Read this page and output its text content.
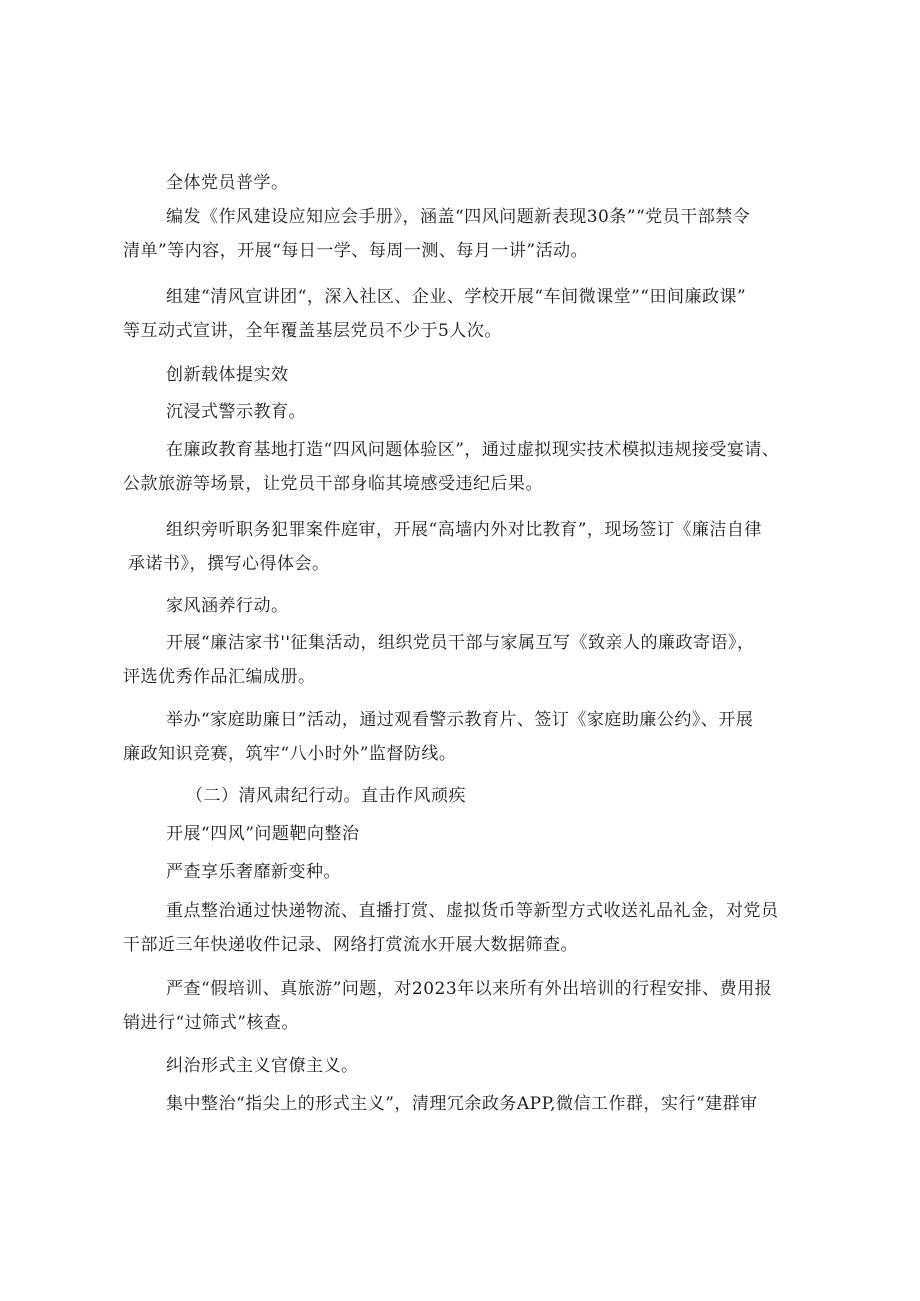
全体党员普学。
编发《作风建设应知应会手册》，涵盖“四风问题新表现30条”“党员干部禁令
清单”等内容，开展“每日一学、每周一测、每月一讲”活动。
组建“清风宣讲团“，深入社区、企业、学校开展“车间微课堂”“田间廉政课”
等互动式宣讲，全年覆盖基层党员不少于5人次。
创新载体提实效
沉浸式警示教育。
在廉政教育基地打造“四风问题体验区”，通过虚拟现实技术模拟违规接受宴请、
公款旅游等场景，让党员干部身临其境感受违纪后果。
组织旁听职务犯罪案件庭审，开展“高墙内外对比教育”，现场签订《廉洁自律
承诺书》，撰写心得体会。
家风涵养行动。
开展“廉洁家书''征集活动，组织党员干部与家属互写《致亲人的廉政寄语》，
评选优秀作品汇编成册。
举办“家庭助廉日”活动，通过观看警示教育片、签订《家庭助廉公约》、开展
廉政知识竞赛，筑牢“八小时外”监督防线。
（二）清风肃纪行动。直击作风顽疾
开展“四风”问题靶向整治
严查享乐奢靡新变种。
重点整治通过快递物流、直播打赏、虚拟货币等新型方式收送礼品礼金，对党员
干部近三年快递收件记录、网络打赏流水开展大数据筛查。
严查“假培训、真旅游”问题，对2023年以来所有外出培训的行程安排、费用报
销进行“过筛式”核查。
纠治形式主义官僚主义。
集中整治“指尖上的形式主义”，清理冗余政务APP,微信工作群，实行“建群审
